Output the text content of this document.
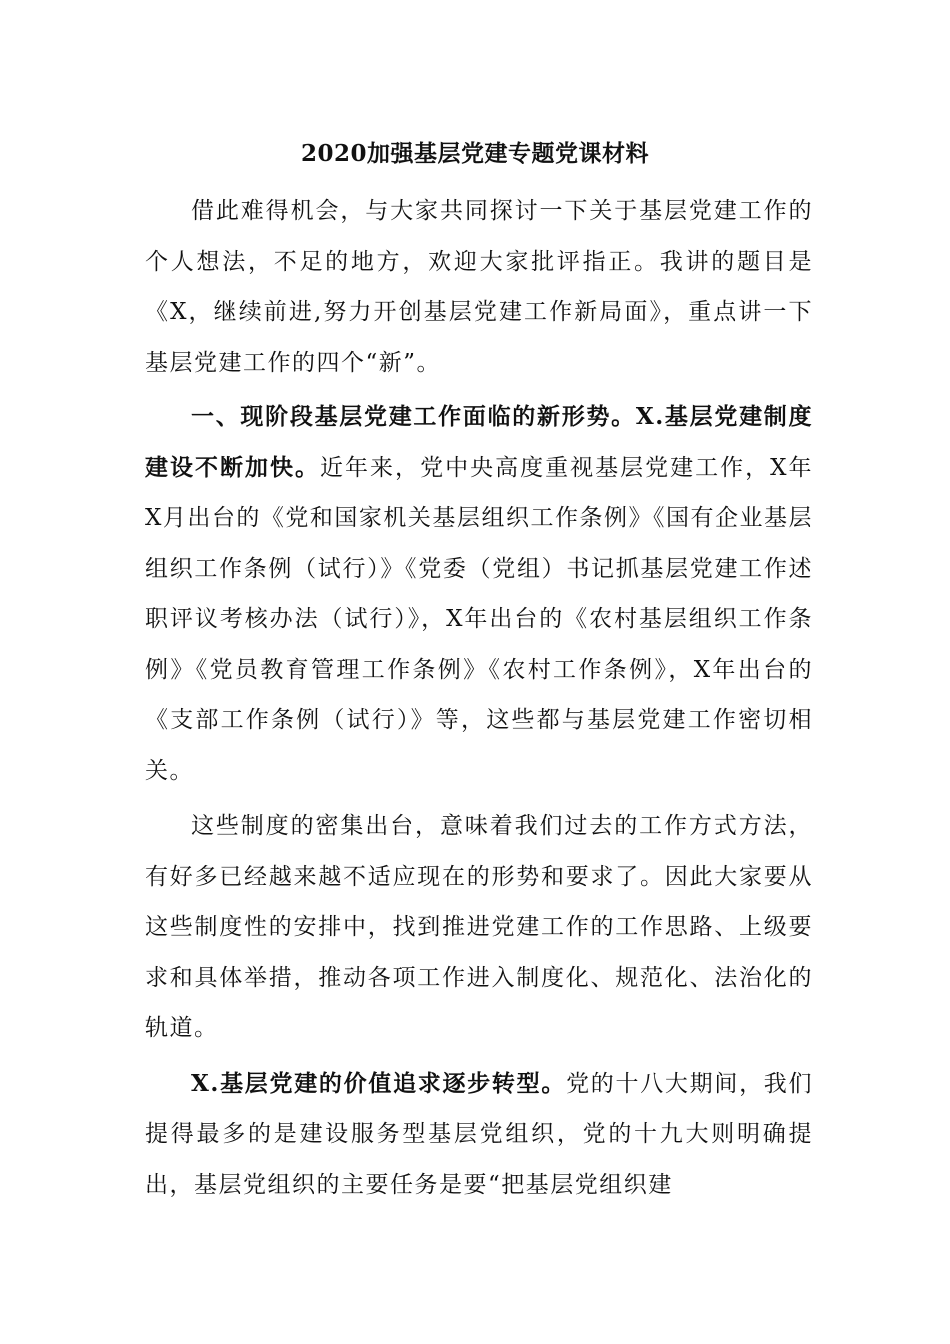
2020加强基层党建专题党课材料

借此难得机会，与大家共同探讨一下关于基层党建工作的个人想法，不足的地方，欢迎大家批评指正。我讲的题目是《X，继续前进,努力开创基层党建工作新局面》，重点讲一下基层党建工作的四个“新”。

一、现阶段基层党建工作面临的新形势。X.基层党建制度建设不断加快。近年来，党中央高度重视基层党建工作，X年X月出台的《党和国家机关基层组织工作条例》《国有企业基层组织工作条例（试行）》《党委（党组）书记抓基层党建工作述职评议考核办法（试行）》，X年出台的《农村基层组织工作条例》《党员教育管理工作条例》《农村工作条例》，X年出台的《支部工作条例（试行）》等，这些都与基层党建工作密切相关。

这些制度的密集出台，意味着我们过去的工作方式方法，有好多已经越来越不适应现在的形势和要求了。因此大家要从这些制度性的安排中，找到推进党建工作的工作思路、上级要求和具体举措，推动各项工作进入制度化、规范化、法治化的轨道。

X.基层党建的价值追求逐步转型。党的十八大期间，我们提得最多的是建设服务型基层党组织，党的十九大则明确提出，基层党组织的主要任务是要“把基层党组织建
